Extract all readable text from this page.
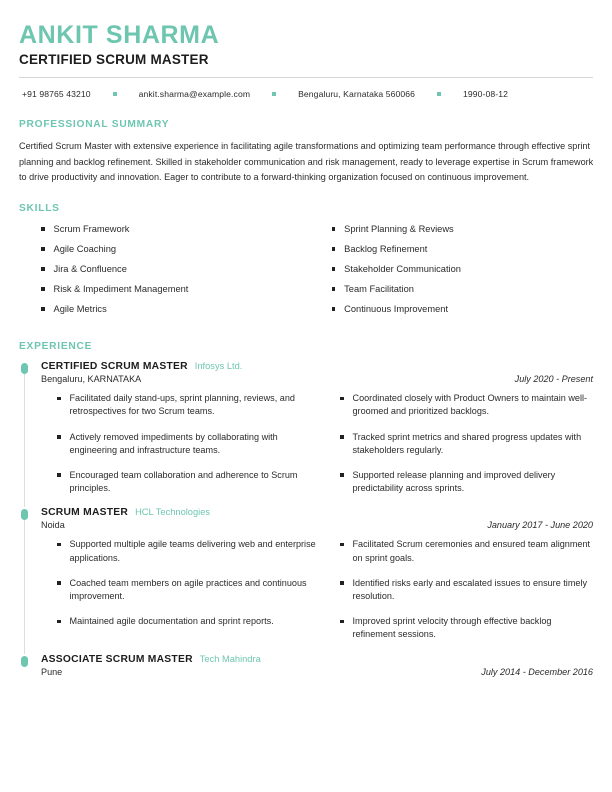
ANKIT SHARMA
CERTIFIED SCRUM MASTER
+91 98765 43210	ankit.sharma@example.com	Bengaluru, Karnataka 560066	1990-08-12
PROFESSIONAL SUMMARY
Certified Scrum Master with extensive experience in facilitating agile transformations and optimizing team performance through effective sprint planning and backlog refinement. Skilled in stakeholder communication and risk management, ready to leverage expertise in Scrum framework to drive productivity and innovation. Eager to contribute to a forward-thinking organization focused on continuous improvement.
SKILLS
Scrum Framework
Agile Coaching
Jira & Confluence
Risk & Impediment Management
Agile Metrics
Sprint Planning & Reviews
Backlog Refinement
Stakeholder Communication
Team Facilitation
Continuous Improvement
EXPERIENCE
CERTIFIED SCRUM MASTER Infosys Ltd.
Bengaluru, KARNATAKA	July 2020 - Present
Facilitated daily stand-ups, sprint planning, reviews, and retrospectives for two Scrum teams.
Actively removed impediments by collaborating with engineering and infrastructure teams.
Encouraged team collaboration and adherence to Scrum principles.
Coordinated closely with Product Owners to maintain well-groomed and prioritized backlogs.
Tracked sprint metrics and shared progress updates with stakeholders regularly.
Supported release planning and improved delivery predictability across sprints.
SCRUM MASTER HCL Technologies
Noida	January 2017 - June 2020
Supported multiple agile teams delivering web and enterprise applications.
Coached team members on agile practices and continuous improvement.
Maintained agile documentation and sprint reports.
Facilitated Scrum ceremonies and ensured team alignment on sprint goals.
Identified risks early and escalated issues to ensure timely resolution.
Improved sprint velocity through effective backlog refinement sessions.
ASSOCIATE SCRUM MASTER Tech Mahindra
Pune	July 2014 - December 2016
